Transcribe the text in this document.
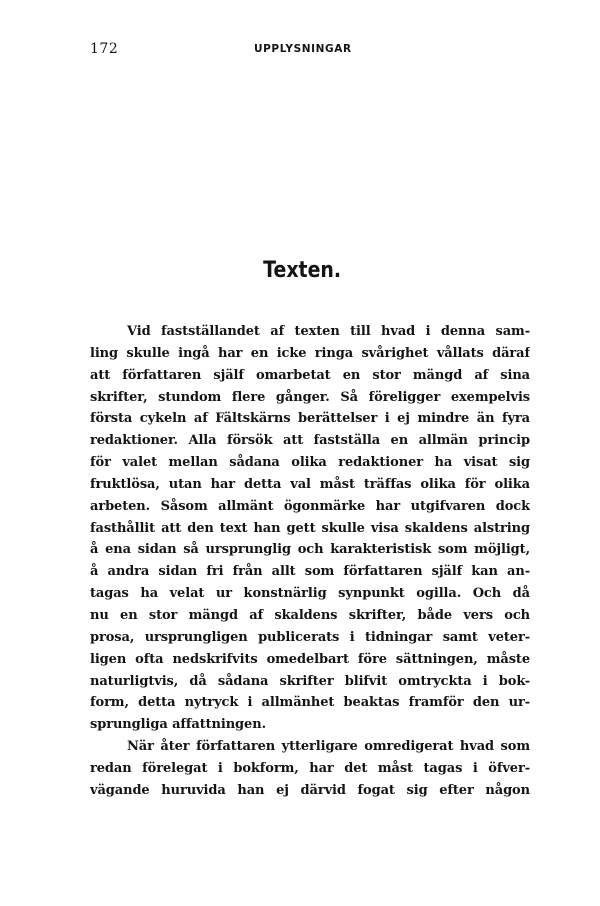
172	UPPLYSNINGAR
Texten.
Vid fastställandet af texten till hvad i denna sam-
ling skulle ingå har en icke ringa svårighet vållats däraf
att författaren själf omarbetat en stor mängd af sina
skrifter, stundom flere gånger. Så föreligger exempelvis
första cykeln af Fältskärns berättelser i ej mindre än fyra
redaktioner. Alla försök att fastställa en allmän princip
för valet mellan sådana olika redaktioner ha visat sig
fruktlösa, utan har detta val måst träffas olika för olika
arbeten. Såsom allmänt ögonmärke har utgifvaren dock
fasthållit att den text han gett skulle visa skaldens alstring
å ena sidan så ursprunglig och karakteristisk som möjligt,
å andra sidan fri från allt som författaren själf kan an-
tagas ha velat ur konstnärlig synpunkt ogilla. Och då
nu en stor mängd af skaldens skrifter, både vers och
prosa, ursprungligen publicerats i tidningar samt veter-
ligen ofta nedskrifvits omedelbart före sättningen, måste
naturligtvis, då sådana skrifter blifvit omtryckta i bok-
form, detta nytryck i allmänhet beaktas framför den ur-
sprungliga affattningen.
När åter författaren ytterligare omredigerat hvad som
redan förelegat i bokform, har det måst tagas i öfver-
vägande huruvida han ej därvid fogat sig efter någon
